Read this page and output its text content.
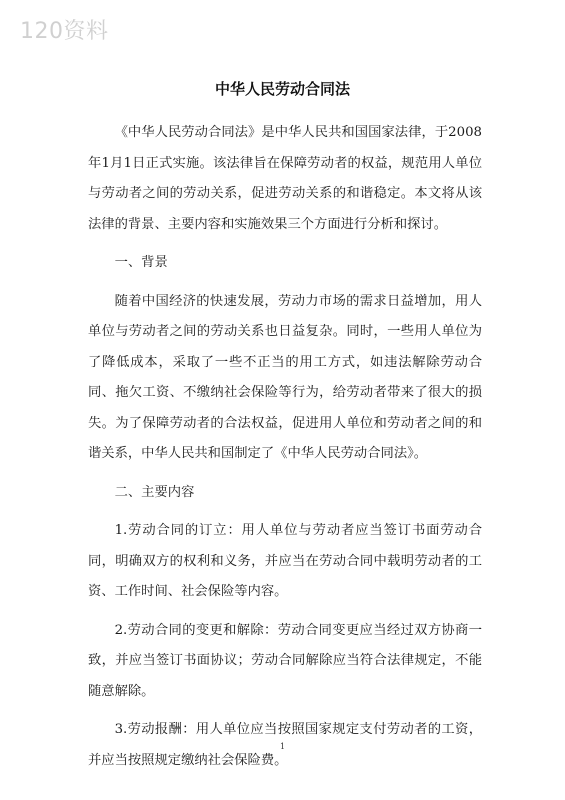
120资料
中华人民劳动合同法

《中华人民劳动合同法》是中华人民共和国国家法律，于2008年1月1日正式实施。该法律旨在保障劳动者的权益，规范用人单位与劳动者之间的劳动关系，促进劳动关系的和谐稳定。本文将从该法律的背景、主要内容和实施效果三个方面进行分析和探讨。

一、背景

随着中国经济的快速发展，劳动力市场的需求日益增加，用人单位与劳动者之间的劳动关系也日益复杂。同时，一些用人单位为了降低成本，采取了一些不正当的用工方式，如违法解除劳动合同、拖欠工资、不缴纳社会保险等行为，给劳动者带来了很大的损失。为了保障劳动者的合法权益，促进用人单位和劳动者之间的和谐关系，中华人民共和国制定了《中华人民劳动合同法》。

二、主要内容

1.劳动合同的订立：用人单位与劳动者应当签订书面劳动合同，明确双方的权利和义务，并应当在劳动合同中载明劳动者的工资、工作时间、社会保险等内容。

2.劳动合同的变更和解除：劳动合同变更应当经过双方协商一致，并应当签订书面协议；劳动合同解除应当符合法律规定，不能随意解除。

3.劳动报酬：用人单位应当按照国家规定支付劳动者的工资，并应当按照规定缴纳社会保险费。

1
